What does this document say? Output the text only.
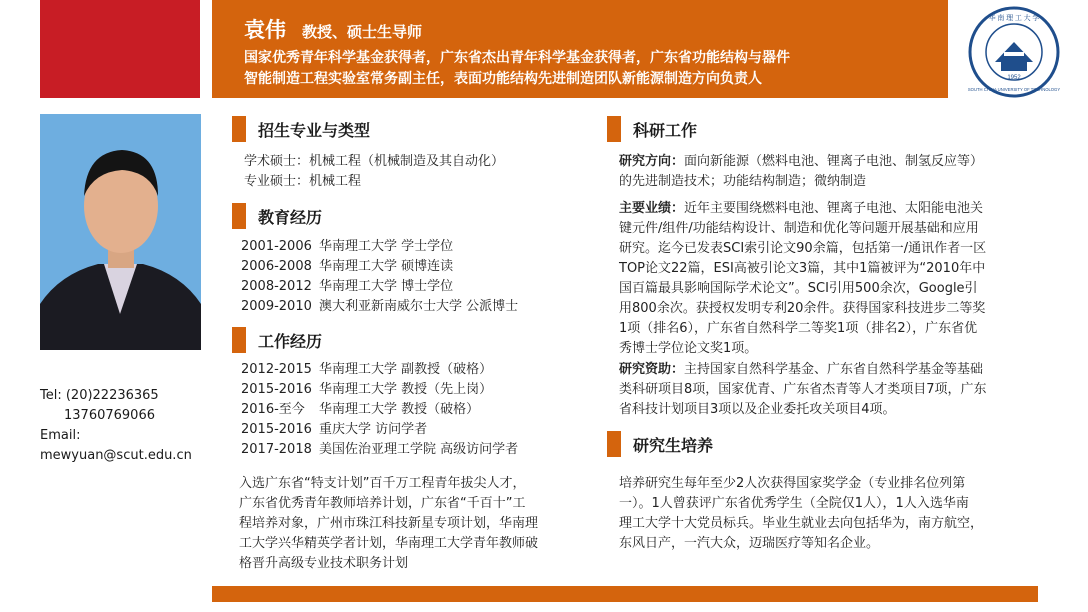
袁伟 教授、硕士生导师
国家优秀青年科学基金获得者，广东省杰出青年科学基金获得者，广东省功能结构与器件
智能制造工程实验室常务副主任，表面功能结构先进制造团队新能源制造方向负责人	1952
华 南 理 工 大 学
SOUTH CHINA UNIVERSITY OF TECHNOLOGY
Tel: (20)22236365
13760769066
Email:
mewyuan@scut.edu.cn
招生专业与类型
学术硕士：机械工程（机械制造及其自动化）
专业硕士：机械工程
教育经历
2001-2006 华南理工大学 学士学位
2006-2008 华南理工大学 硕博连读
2008-2012 华南理工大学 博士学位
2009-2010 澳大利亚新南威尔士大学 公派博士
工作经历
2012-2015 华南理工大学 副教授（破格）
2015-2016 华南理工大学 教授（先上岗）
2016-至今 华南理工大学 教授（破格）
2015-2016 重庆大学 访问学者
2017-2018 美国佐治亚理工学院 高级访问学者
入选广东省“特支计划”百千万工程青年拔尖人才，
广东省优秀青年教师培养计划，广东省“千百十”工
程培养对象，广州市珠江科技新星专项计划，华南理
工大学兴华精英学者计划，华南理工大学青年教师破
格晋升高级专业技术职务计划
科研工作
研究方向：面向新能源（燃料电池、锂离子电池、制氢反应等）
的先进制造技术；功能结构制造；微纳制造
主要业绩：近年主要围绕燃料电池、锂离子电池、太阳能电池关
键元件/组件/功能结构设计、制造和优化等问题开展基础和应用
研究。迄今已发表SCI索引论文90余篇，包括第一/通讯作者一区
TOP论文22篇，ESI高被引论文3篇，其中1篇被评为“2010年中
国百篇最具影响国际学术论文”。SCI引用500余次，Google引
用800余次。获授权发明专利20余件。获得国家科技进步二等奖
1项（排名6），广东省自然科学二等奖1项（排名2），广东省优
秀博士学位论文奖1项。
研究资助：主持国家自然科学基金、广东省自然科学基金等基础
类科研项目8项，国家优青、广东省杰青等人才类项目7项，广东
省科技计划项目3项以及企业委托攻关项目4项。
研究生培养
培养研究生每年至少2人次获得国家奖学金（专业排名位列第
一）。1人曾获评广东省优秀学生（全院仅1人），1人入选华南
理工大学十大党员标兵。毕业生就业去向包括华为，南方航空，
东风日产，一汽大众，迈瑞医疗等知名企业。
